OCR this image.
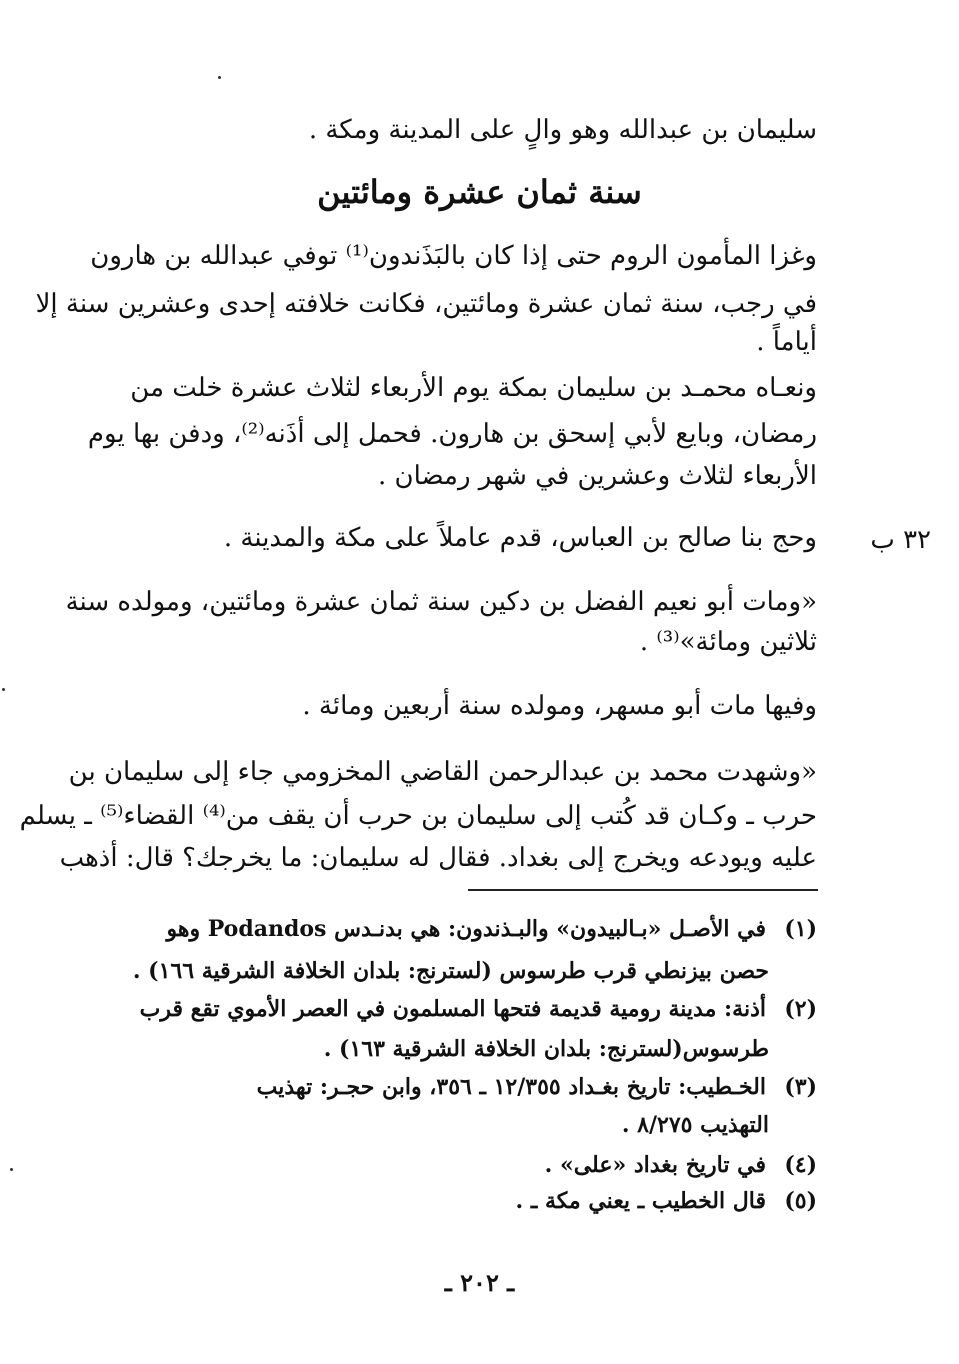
سليمان بن عبدالله وهو والٍ على المدينة ومكة .
سنة ثمان عشرة ومائتين
وغزا المأمون الروم حتى إذا كان بالبَذَندون⁽¹⁾ توفي عبدالله بن هارون
في رجب، سنة ثمان عشرة ومائتين، فكانت خلافته إحدى وعشرين سنة إلا
أياماً .
ونعـاه محمـد بن سليمان بمكة يوم الأربعاء لثلاث عشرة خلت من
رمضان، وبايع لأبي إسحق بن هارون. فحمل إلى أذَنه⁽²⁾، ودفن بها يوم
الأربعاء لثلاث وعشرين في شهر رمضان .
٣٢ ب
وحج بنا صالح بن العباس، قدم عاملاً على مكة والمدينة .
«ومات أبو نعيم الفضل بن دكين سنة ثمان عشرة ومائتين، ومولده سنة
ثلاثين ومائة»⁽³⁾ .
وفيها مات أبو مسهر، ومولده سنة أربعين ومائة .
«وشهدت محمد بن عبدالرحمن القاضي المخزومي جاء إلى سليمان بن
حرب ـ وكـان قد كُتب إلى سليمان بن حرب أن يقف من⁽⁴⁾ القضاء⁽⁵⁾ ـ يسلم
عليه ويودعه ويخرج إلى بغداد. فقال له سليمان: ما يخرجك؟ قال: أذهب
(١) في الأصـل «بـالبيدون» والبـذندون: هي بدنـدس Podandos وهو
حصن بيزنطي قرب طرسوس (لسترنج: بلدان الخلافة الشرقية ١٦٦) .
(٢) أذنة: مدينة رومية قديمة فتحها المسلمون في العصر الأموي تقع قرب
طرسوس(لسترنج: بلدان الخلافة الشرقية ١٦٣) .
(٣) الخـطيب: تاريخ بغـداد ١٢/٣٥٥ ـ ٣٥٦، وابن حجـر: تهذيب
التهذيب ٨/٢٧٥ .
(٤) في تاريخ بغداد «على» .
(٥) قال الخطيب ـ يعني مكة ـ .
ـ ٢٠٢ ـ
